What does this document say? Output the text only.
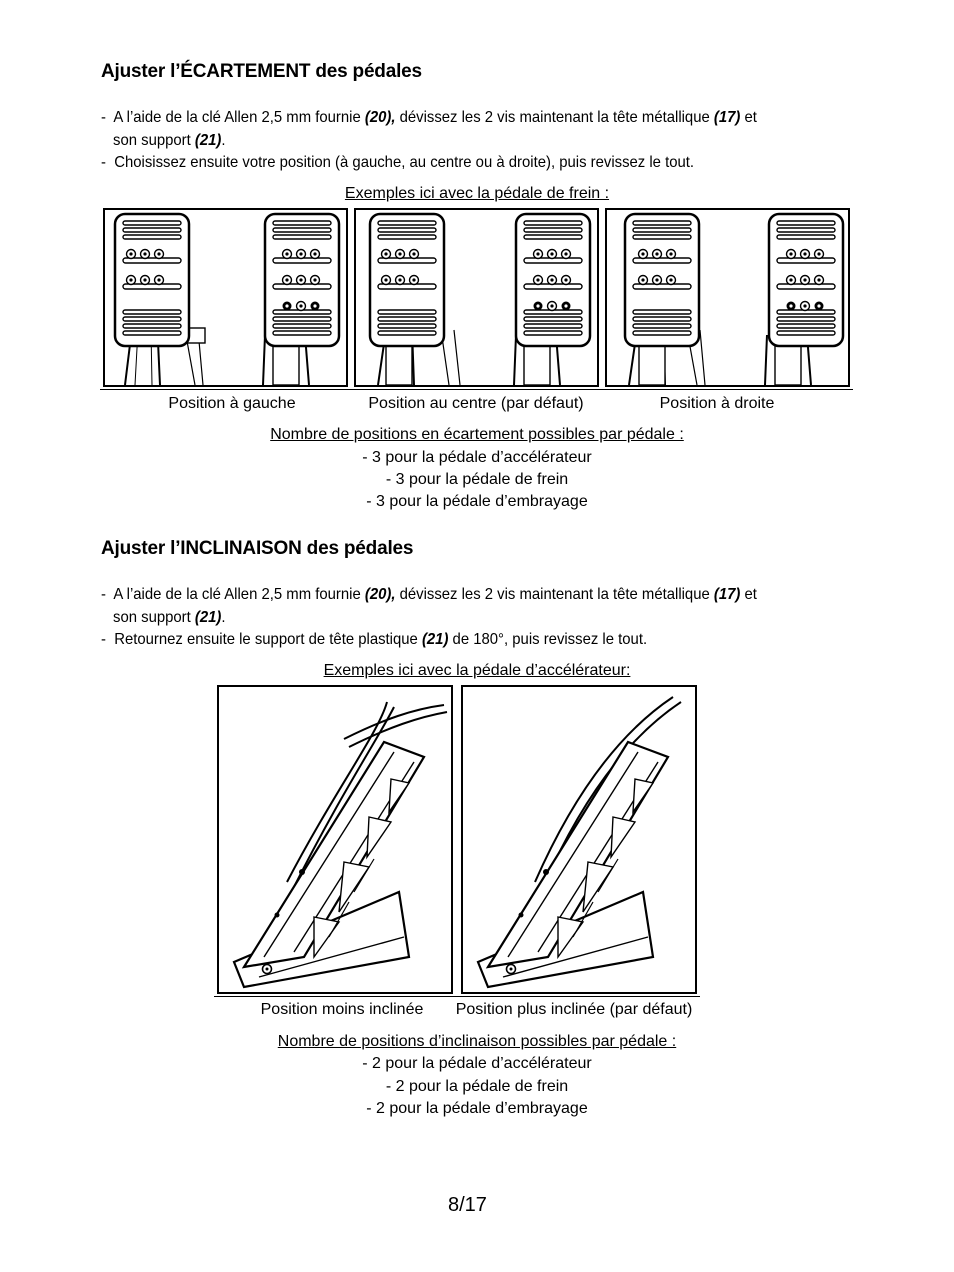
Ajuster l’ÉCARTEMENT des pédales
-  A l’aide de la clé Allen 2,5 mm fournie (20), dévissez les 2 vis maintenant la tête métallique (17) et
son support (21).
-  Choisissez ensuite votre position (à gauche, au centre ou à droite), puis revissez le tout.
Exemples ici avec la pédale de frein :
Position à gauche	Position au centre (par défaut)	Position à droite
Nombre de positions en écartement possibles par pédale :
- 3 pour la pédale d’accélérateur
- 3 pour la pédale de frein
- 3 pour la pédale d’embrayage
Ajuster l’INCLINAISON des pédales
-  A l’aide de la clé Allen 2,5 mm fournie (20), dévissez les 2 vis maintenant la tête métallique (17) et
son support (21).
-  Retournez ensuite le support de tête plastique (21) de 180°, puis revissez le tout.
Exemples ici avec la pédale d’accélérateur:
Position moins inclinée	Position plus inclinée (par défaut)
Nombre de positions d’inclinaison possibles par pédale :
- 2 pour la pédale d’accélérateur
- 2 pour la pédale de frein
- 2 pour la pédale d’embrayage
8/17
